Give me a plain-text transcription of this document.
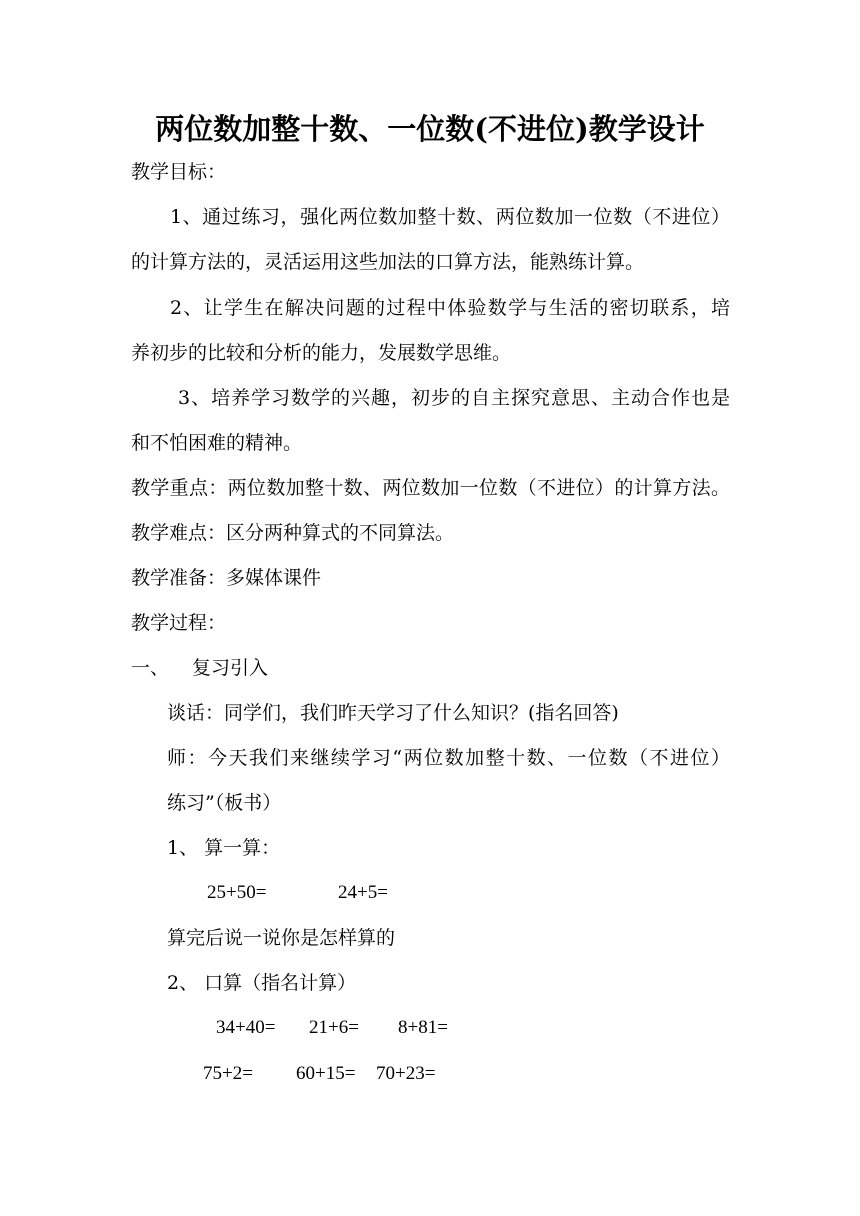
两位数加整十数、一位数(不进位)教学设计
教学目标：
1、通过练习，强化两位数加整十数、两位数加一位数（不进位）
的计算方法的，灵活运用这些加法的口算方法，能熟练计算。
2、让学生在解决问题的过程中体验数学与生活的密切联系，培
养初步的比较和分析的能力，发展数学思维。
3、培养学习数学的兴趣，初步的自主探究意思、主动合作也是
和不怕困难的精神。
教学重点：两位数加整十数、两位数加一位数（不进位）的计算方法。
教学难点：区分两种算式的不同算法。
教学准备：多媒体课件
教学过程：
一、 复习引入
谈话：同学们，我们昨天学习了什么知识？(指名回答)
师：今天我们来继续学习“两位数加整十数、一位数（不进位）
练习”（板书）
1、 算一算：
25+50=	24+5=
算完后说一说你是怎样算的
2、 口算（指名计算）
34+40= 21+6= 8+81=
75+2= 60+15= 70+23=
